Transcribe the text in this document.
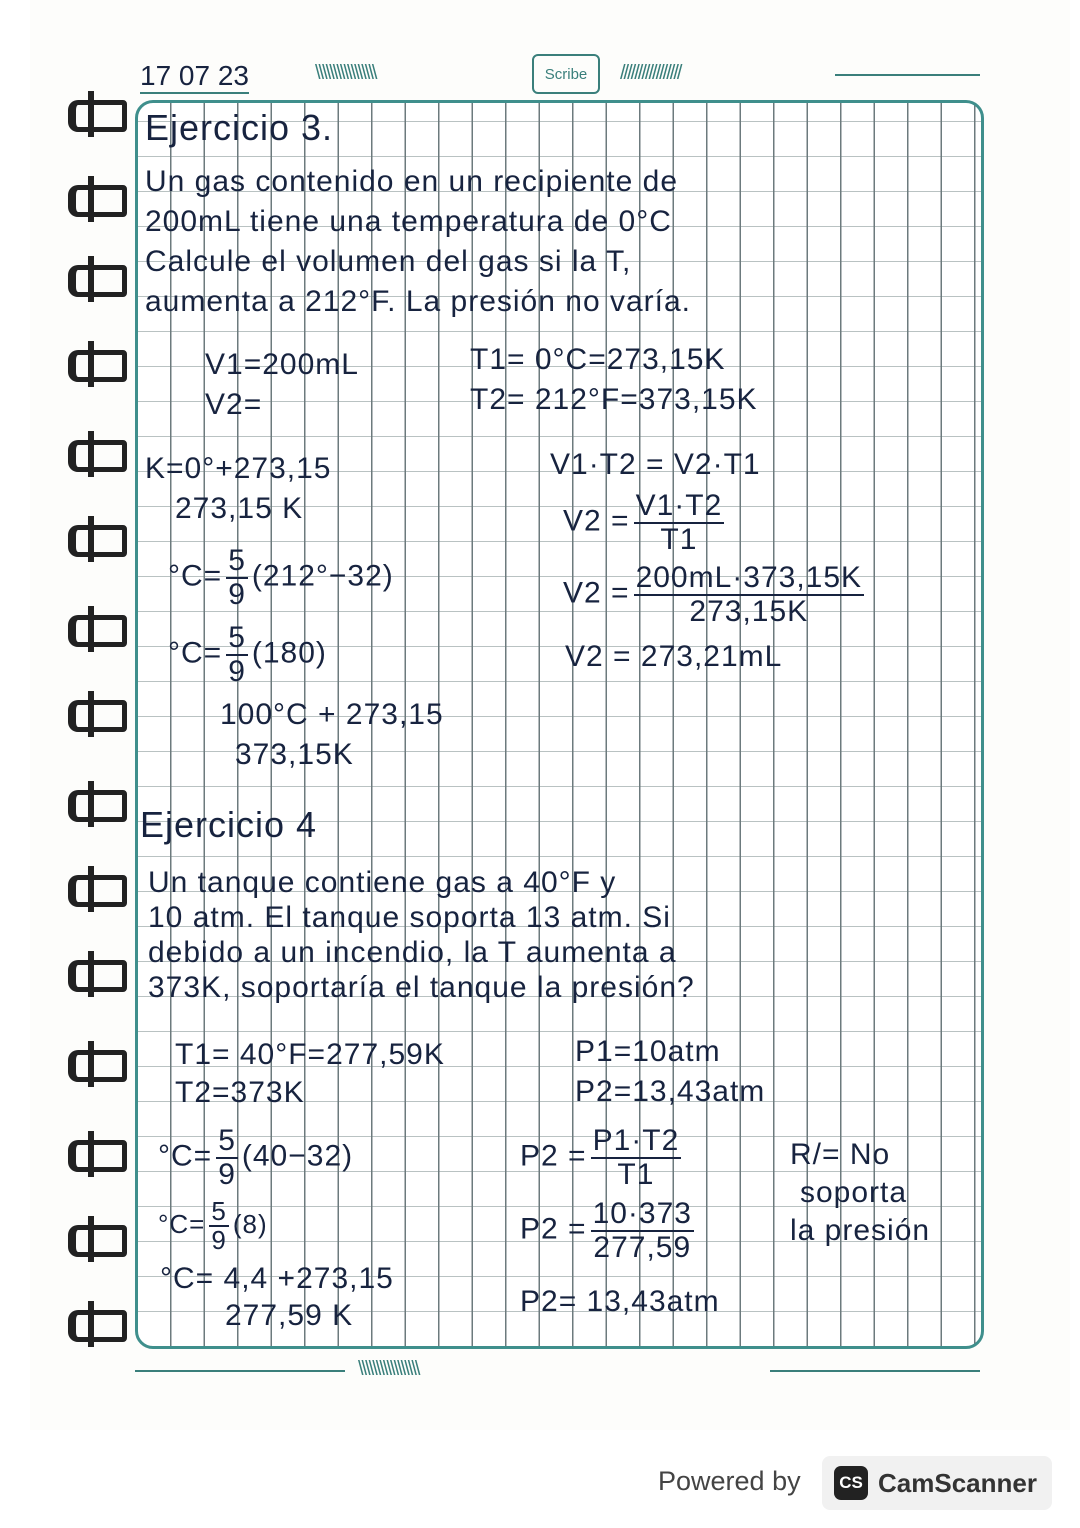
17 07 23	\\\\\\\\\\\\\\\\\	Scribe	/////////////////
Ejercicio 3.
Un gas contenido en un recipiente de
200mL tiene una temperatura de 0°C
Calcule el volumen del gas si la T,
aumenta a 212°F. La presión no varía.
V1=200mL
V2=
T1= 0°C=273,15K
T2= 212°F=373,15K
K=0°+273,15
273,15 K
$^\circ C= \frac{5}{9} (212^\circ-32)$
$^\circ C= \frac{5}{9} (180)$
100°C + 273,15
373,15K
V1·T2 = V2·T1
$V2 = \frac{V1\cdot T2}{T1}$
$V2 = \frac{200mL\cdot 373,15K}{273,15K}$
V2 = 273,21mL
Ejercicio 4
Un tanque contiene gas a 40°F y
10 atm. El tanque soporta 13 atm. Si
debido a un incendio, la T aumenta a
373K, soportaría el tanque la presión?
T1= 40°F=277,59K
T2=373K
P1=10atm
P2=13,43atm
$^\circ C= \frac{5}{9} (40-32)$
$^\circ C= \frac{5}{9} (8)$
°C= 4,4 +273,15
277,59 K
$P2 = \frac{P1\cdot T2}{T1}$
$P2 = \frac{10\cdot 373}{277,59}$
P2= 13,43atm
R/= No
soporta
la presión
\\\\\\\\\\\\\\\\\
Powered by	CS CamScanner
